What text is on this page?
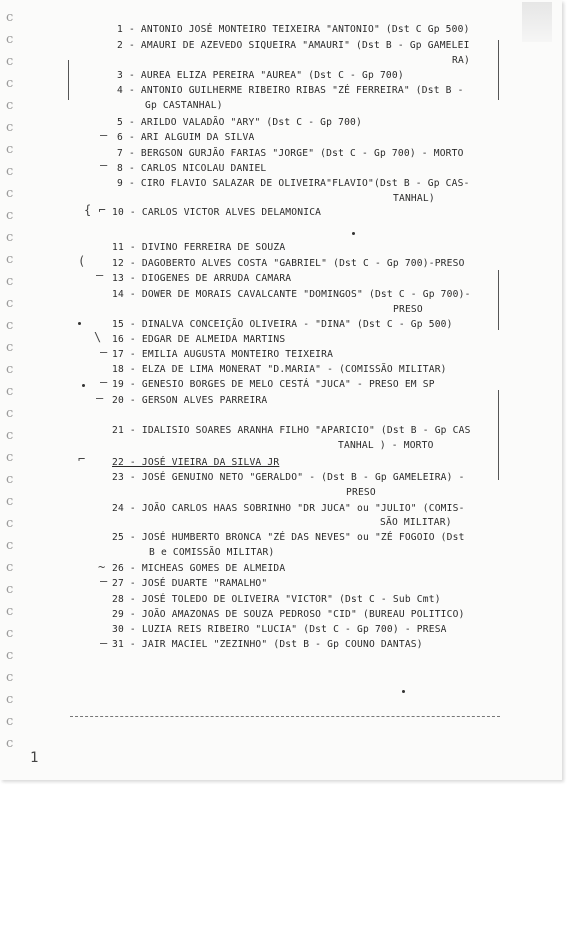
c
c
c
c
c
c
c
c
c
c
c
c
c
c
c
c
c
c
c
c
c
c
c
c
c
c
c
c
c
c
c
c
c
c
1 - ANTONIO JOSÉ MONTEIRO TEIXEIRA "ANTONIO" (Dst C Gp 500)
2 - AMAURI DE AZEVEDO SIQUEIRA "AMAURI" (Dst B - Gp GAMELEI
RA)
3 - AUREA ELIZA PEREIRA "AUREA" (Dst C - Gp 700)
4 - ANTONIO GUILHERME RIBEIRO RIBAS "ZÉ FERREIRA" (Dst B -
Gp CASTANHAL)
5 - ARILDO VALADÃO "ARY" (Dst C - Gp 700)
6 - ARI ALGUIM DA SILVA
7 - BERGSON GURJÃO FARIAS "JORGE" (Dst C - Gp 700) - MORTO
8 - CARLOS NICOLAU DANIEL
9 - CIRO FLAVIO SALAZAR DE OLIVEIRA"FLAVIO"(Dst B - Gp CAS-
TANHAL)
10 - CARLOS VICTOR ALVES DELAMONICA
11 - DIVINO FERREIRA DE SOUZA
12 - DAGOBERTO ALVES COSTA "GABRIEL" (Dst C - Gp 700)-PRESO
13 - DIOGENES DE ARRUDA CAMARA
14 - DOWER DE MORAIS CAVALCANTE "DOMINGOS" (Dst C - Gp 700)-
PRESO
15 - DINALVA CONCEIÇÃO OLIVEIRA - "DINA" (Dst C - Gp 500)
16 - EDGAR DE ALMEIDA MARTINS
17 - EMILIA AUGUSTA MONTEIRO TEIXEIRA
18 - ELZA DE LIMA MONERAT "D.MARIA" - (COMISSÃO MILITAR)
19 - GENESIO BORGES DE MELO CESTÁ "JUCA" - PRESO EM SP
20 - GERSON ALVES PARREIRA
21 - IDALISIO SOARES ARANHA FILHO "APARICIO" (Dst B - Gp CAS
TANHAL ) - MORTO
22 - JOSÉ VIEIRA DA SILVA JR
23 - JOSÉ GENUINO NETO "GERALDO" - (Dst B - Gp GAMELEIRA) -
PRESO
24 - JOÃO CARLOS HAAS SOBRINHO "DR JUCA" ou "JULIO" (COMIS-
SÃO MILITAR)
25 - JOSÉ HUMBERTO BRONCA "ZÉ DAS NEVES" ou "ZÉ FOGOIO (Dst
B e COMISSÃO MILITAR)
26 - MICHEAS GOMES DE ALMEIDA
27 - JOSÉ DUARTE "RAMALHO"
28 - JOSÉ TOLEDO DE OLIVEIRA "VICTOR" (Dst C - Sub Cmt)
29 - JOÃO AMAZONAS DE SOUZA PEDROSO "CID" (BUREAU POLITICO)
30 - LUZIA REIS RIBEIRO "LUCIA" (Dst C - Gp 700) - PRESA
31 - JAIR MACIEL "ZEZINHO" (Dst B - Gp COUNO DANTAS)
—
—
{ ⌐
(
—
\
—
—
—
⌐
~
—
—
1
